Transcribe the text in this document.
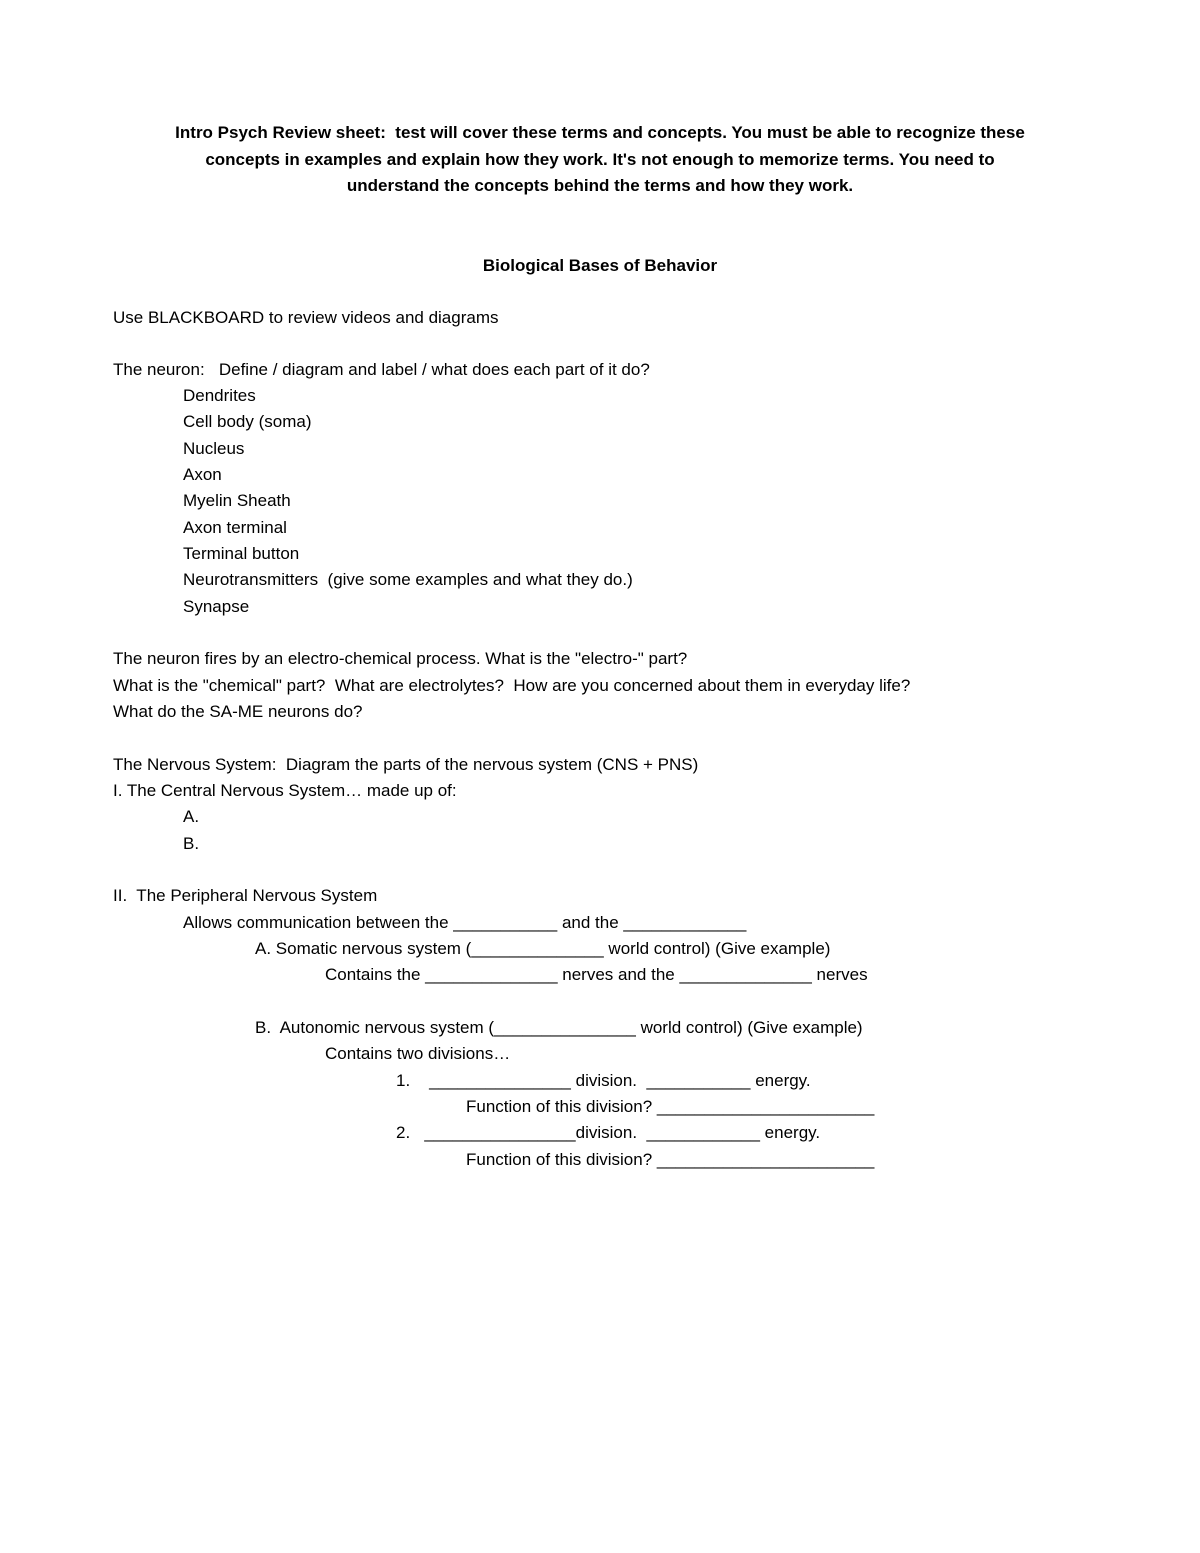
Intro Psych Review sheet:  test will cover these terms and concepts. You must be able to recognize these
concepts in examples and explain how they work. It's not enough to memorize terms. You need to
understand the concepts behind the terms and how they work.
Biological Bases of Behavior
Use BLACKBOARD to review videos and diagrams
The neuron:   Define / diagram and label / what does each part of it do?
Dendrites
Cell body (soma)
Nucleus
Axon
Myelin Sheath
Axon terminal
Terminal button
Neurotransmitters  (give some examples and what they do.)
Synapse
The neuron fires by an electro-chemical process. What is the "electro-" part?
What is the "chemical" part?  What are electrolytes?  How are you concerned about them in everyday life?
What do the SA-ME neurons do?
The Nervous System:  Diagram the parts of the nervous system (CNS + PNS)
I. The Central Nervous System… made up of:
A.
B.
II.  The Peripheral Nervous System
Allows communication between the ___________ and the _____________
A. Somatic nervous system (______________ world control) (Give example)
Contains the ______________ nerves and the ______________ nerves
B.  Autonomic nervous system (_______________ world control) (Give example)
Contains two divisions…
1.    _______________ division.  ___________ energy.
Function of this division? _______________________
2.   ________________division.  ____________ energy.
Function of this division? _______________________
